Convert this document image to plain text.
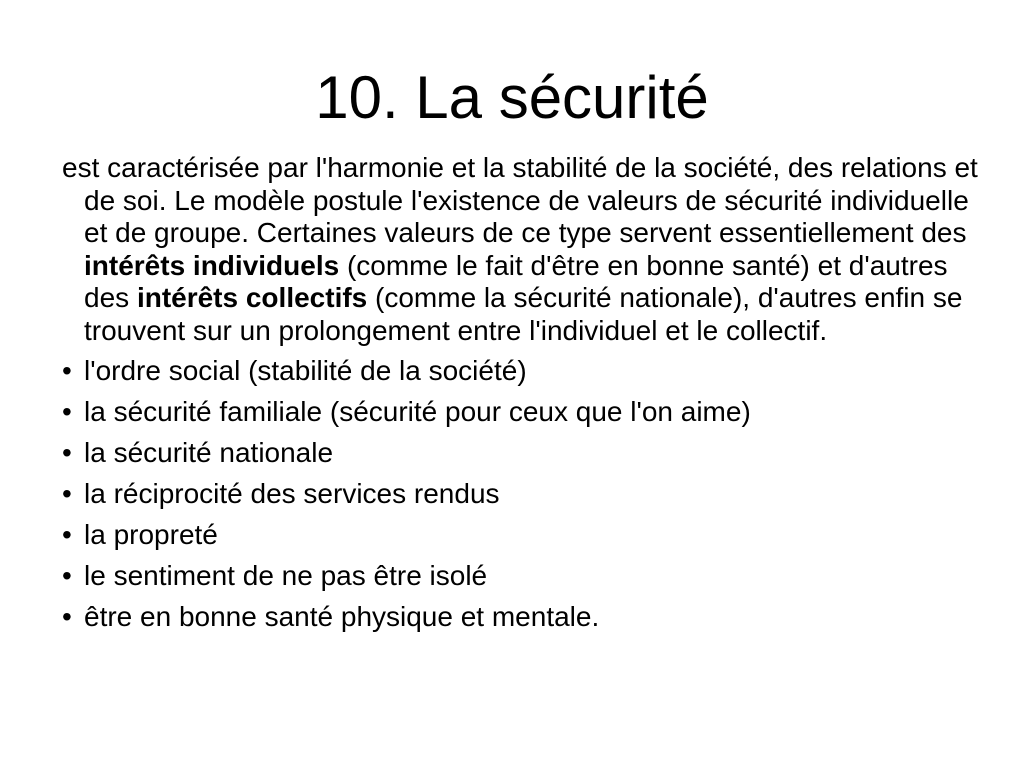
10. La sécurité

est caractérisée par l'harmonie et la stabilité de la société, des relations et de soi. Le modèle postule l'existence de valeurs de sécurité individuelle et de groupe. Certaines valeurs de ce type servent essentiellement des intérêts individuels (comme le fait d'être en bonne santé) et d'autres des intérêts collectifs (comme la sécurité nationale), d'autres enfin se trouvent sur un prolongement entre l'individuel et le collectif.

• l'ordre social (stabilité de la société)
• la sécurité familiale (sécurité pour ceux que l'on aime)
• la sécurité nationale
• la réciprocité des services rendus
• la propreté
• le sentiment de ne pas être isolé
• être en bonne santé physique et mentale.
